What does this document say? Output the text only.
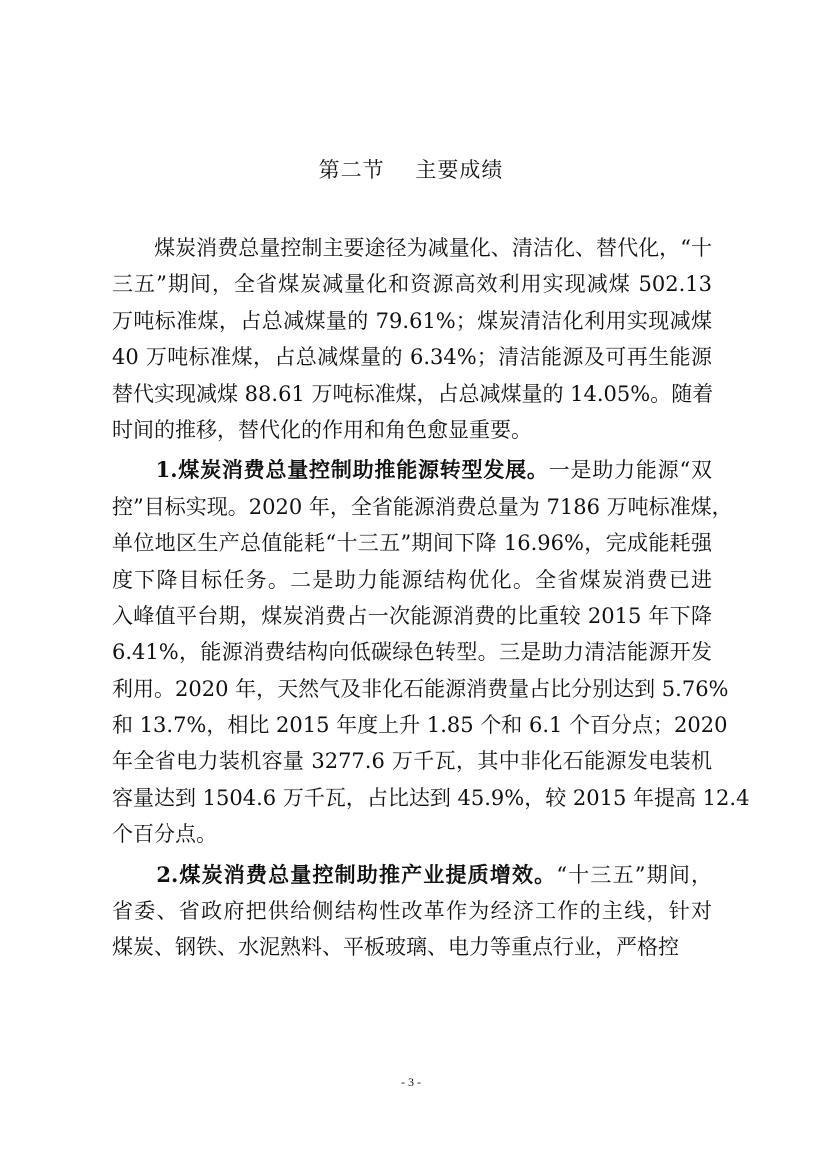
第二节    主要成绩
　　煤炭消费总量控制主要途径为减量化、清洁化、替代化，“十
三五”期间，全省煤炭减量化和资源高效利用实现减煤 502.13
万吨标准煤，占总减煤量的 79.61%；煤炭清洁化利用实现减煤
40 万吨标准煤，占总减煤量的 6.34%；清洁能源及可再生能源
替代实现减煤 88.61 万吨标准煤，占总减煤量的 14.05%。随着
时间的推移，替代化的作用和角色愈显重要。
　　1.煤炭消费总量控制助推能源转型发展。一是助力能源“双
控”目标实现。2020 年，全省能源消费总量为 7186 万吨标准煤，
单位地区生产总值能耗“十三五”期间下降 16.96%，完成能耗强
度下降目标任务。二是助力能源结构优化。全省煤炭消费已进
入峰值平台期，煤炭消费占一次能源消费的比重较 2015 年下降
6.41%，能源消费结构向低碳绿色转型。三是助力清洁能源开发
利用。2020 年，天然气及非化石能源消费量占比分别达到 5.76%
和 13.7%，相比 2015 年度上升 1.85 个和 6.1 个百分点；2020
年全省电力装机容量 3277.6 万千瓦，其中非化石能源发电装机
容量达到 1504.6 万千瓦，占比达到 45.9%，较 2015 年提高 12.4
个百分点。
　　2.煤炭消费总量控制助推产业提质增效。“十三五”期间，
省委、省政府把供给侧结构性改革作为经济工作的主线，针对
煤炭、钢铁、水泥熟料、平板玻璃、电力等重点行业，严格控
- 3 -
